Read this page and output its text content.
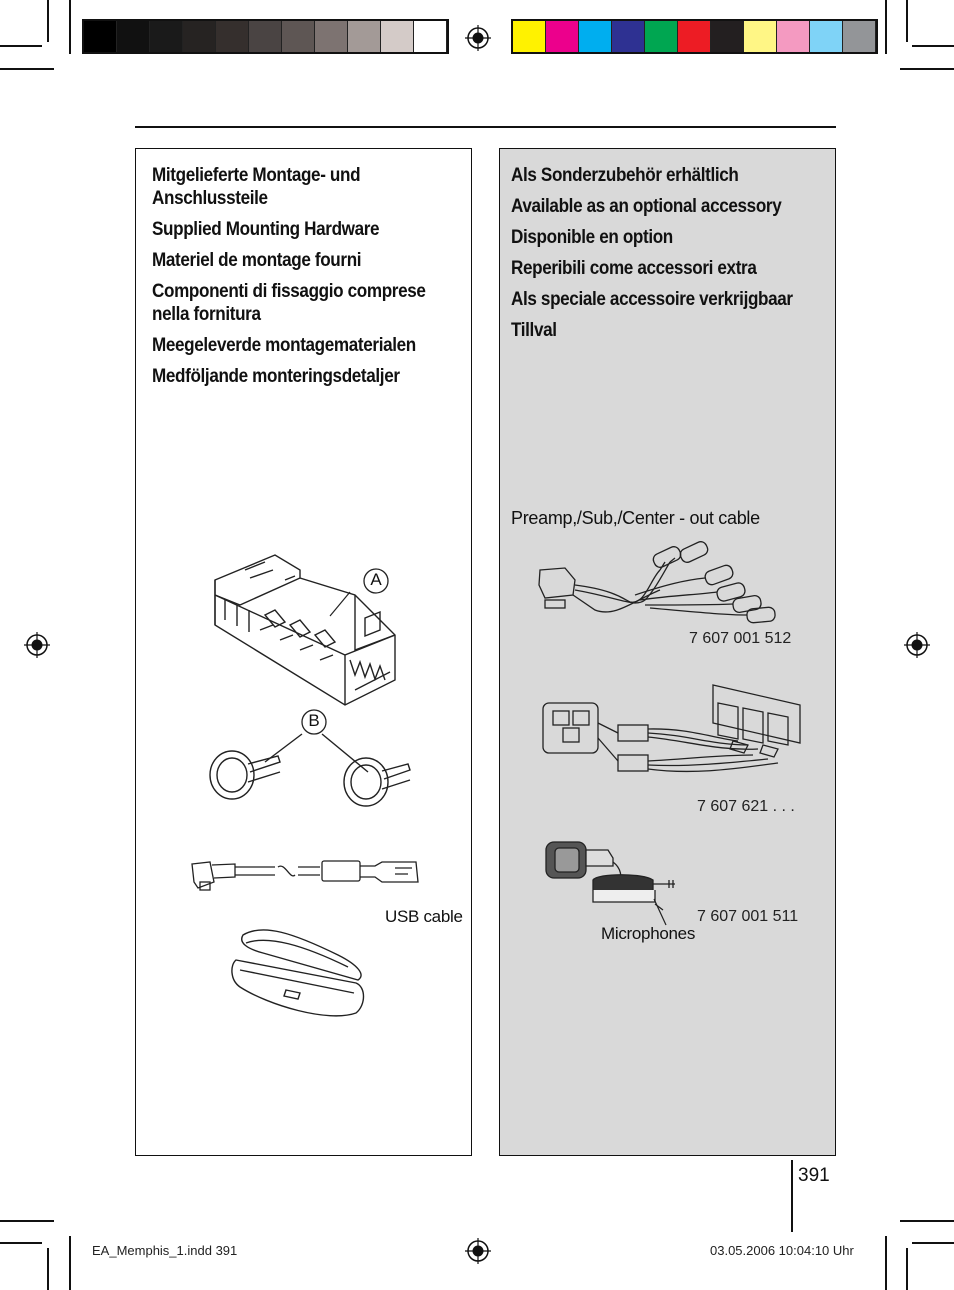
Mitgelieferte Montage- und Anschlussteile
Supplied Mounting Hardware
Materiel de montage fourni
Componenti di fissaggio comprese nella fornitura
Meegeleverde montagematerialen
Medföljande monteringsdetaljer
A
B
USB cable
Als Sonderzubehör erhältlich
Available as an optional accessory
Disponible en option
Reperibili come accessori extra
Als speciale accessoire verkrijgbaar
Tillval
Preamp,/Sub,/Center - out cable
7 607 001 512
7 607 621 . . .
Microphones
7 607 001 511
391
EA_Memphis_1.indd 391	03.05.2006 10:04:10 Uhr
